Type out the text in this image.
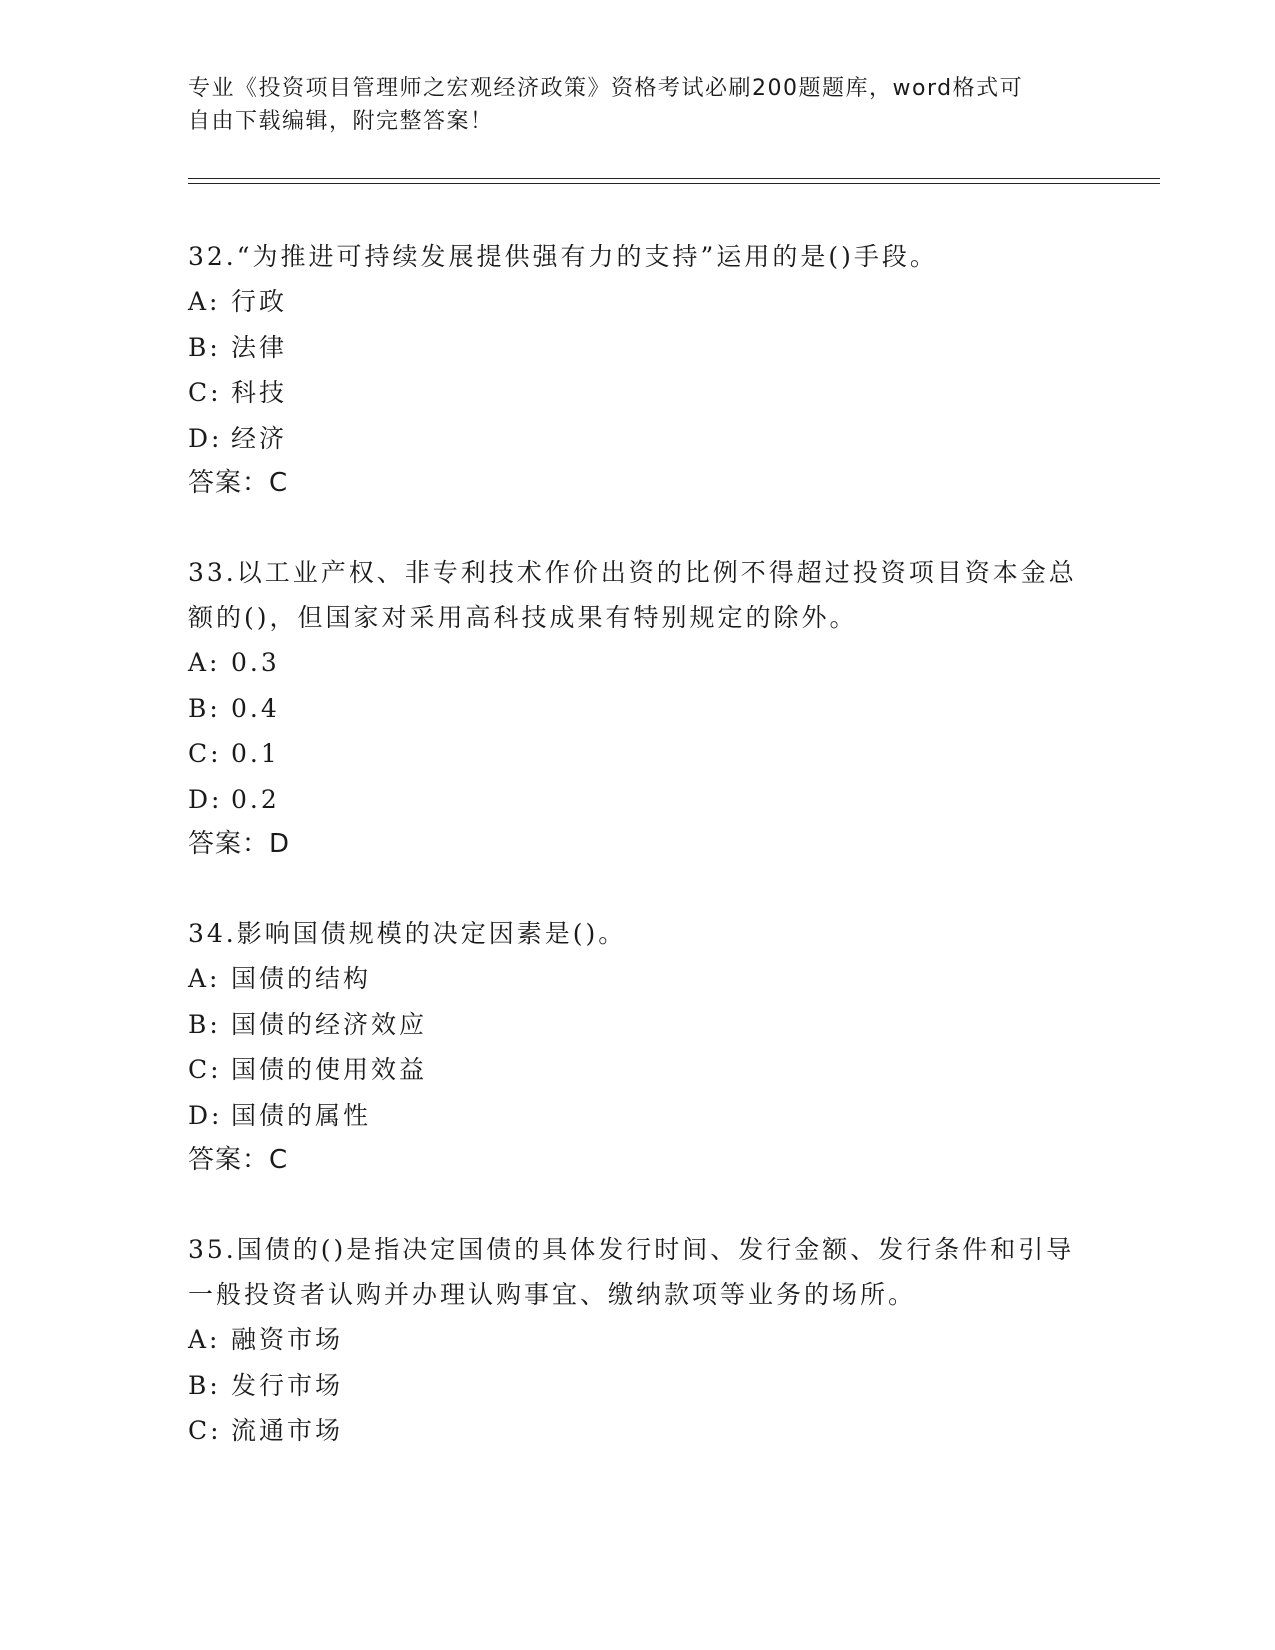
专业《投资项目管理师之宏观经济政策》资格考试必刷200题题库，word格式可
自由下载编辑，附完整答案！
32.“为推进可持续发展提供强有力的支持”运用的是()手段。
A: 行政
B: 法律
C: 科技
D: 经济
答案：C
33.以工业产权、非专利技术作价出资的比例不得超过投资项目资本金总额的()，但国家对采用高科技成果有特别规定的除外。
A: 0.3
B: 0.4
C: 0.1
D: 0.2
答案：D
34.影响国债规模的决定因素是()。
A: 国债的结构
B: 国债的经济效应
C: 国债的使用效益
D: 国债的属性
答案：C
35.国债的()是指决定国债的具体发行时间、发行金额、发行条件和引导一般投资者认购并办理认购事宜、缴纳款项等业务的场所。
A: 融资市场
B: 发行市场
C: 流通市场
